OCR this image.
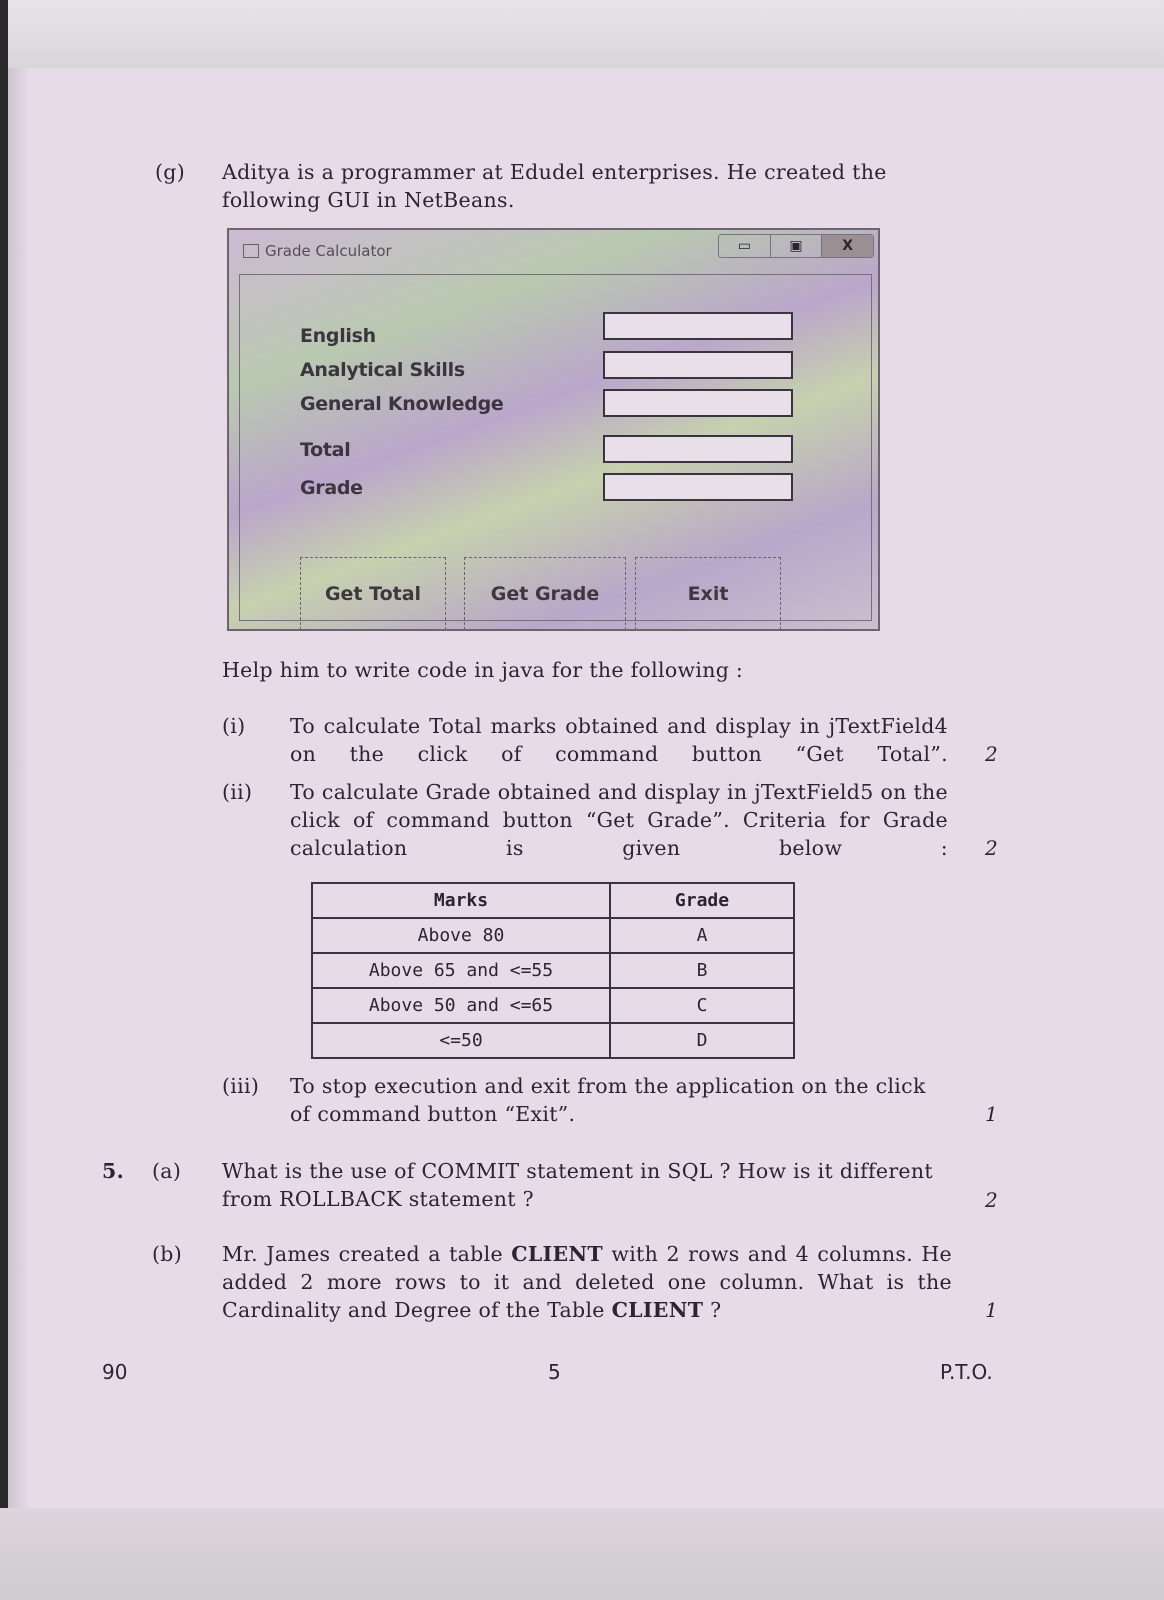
(g) Aditya is a programmer at Edudel enterprises. He created the following GUI in NetBeans.
Grade Calculator	▭	▣	X
English
Analytical Skills
General Knowledge
Total
Grade
Get Total	Get Grade	Exit
Help him to write code in java for the following :
(i) To calculate Total marks obtained and display in jTextField4 on the click of command button “Get Total”. 2
(ii) To calculate Grade obtained and display in jTextField5 on the click of command button “Get Grade”. Criteria for Grade calculation is given below : 2
Marks	Grade
Above 80	A
Above 65 and <=55	B
Above 50 and <=65	C
<=50	D
(iii) To stop execution and exit from the application on the click of command button “Exit”.	1
5. (a) What is the use of COMMIT statement in SQL ? How is it different from ROLLBACK statement ?	2
(b) Mr. James created a table CLIENT with 2 rows and 4 columns. He added 2 more rows to it and deleted one column. What is the Cardinality and Degree of the Table CLIENT ?	1
90	5	P.T.O.
